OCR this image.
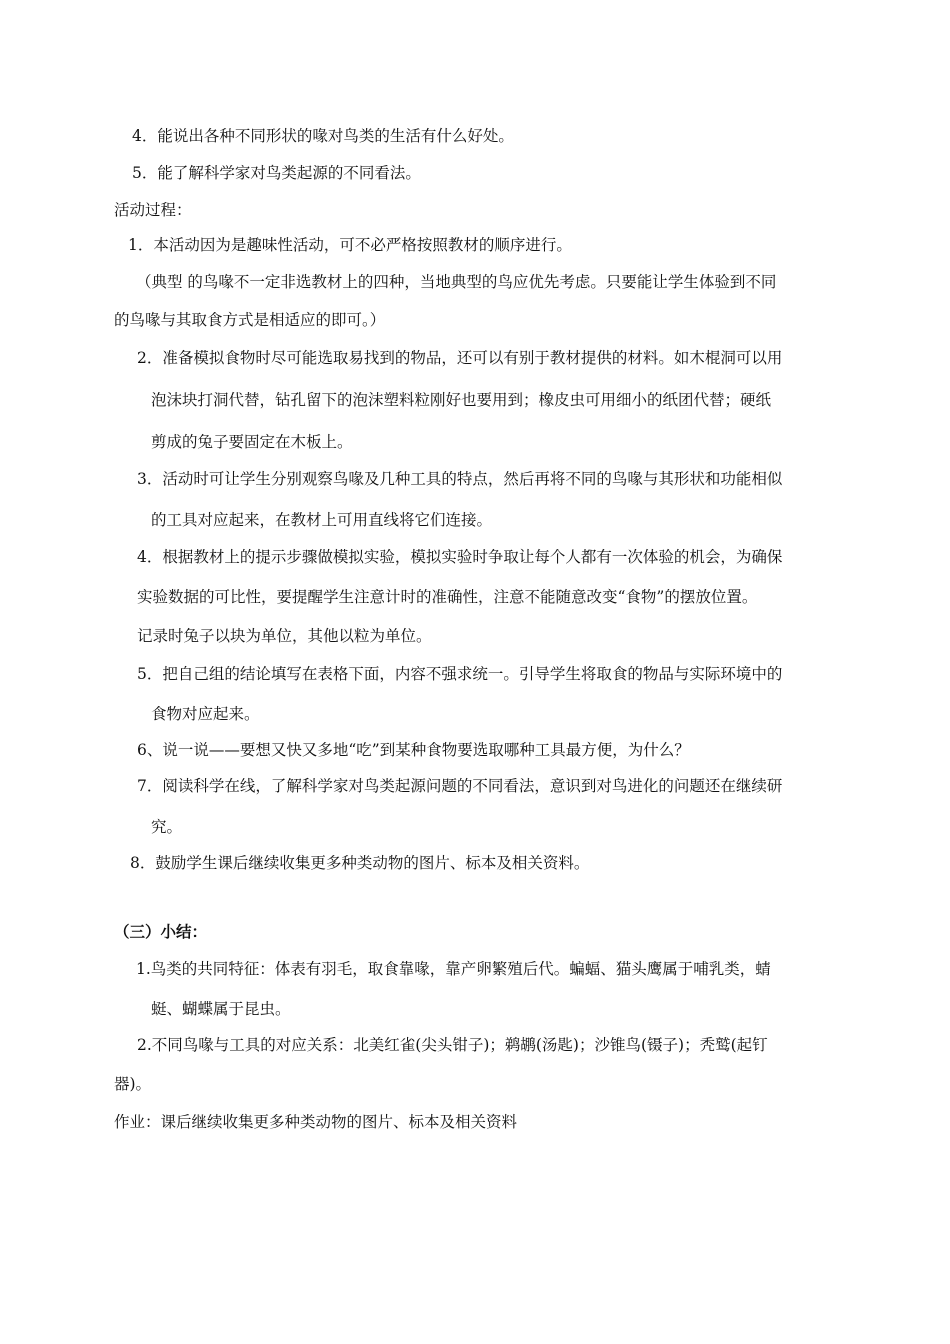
4．能说出各种不同形状的喙对鸟类的生活有什么好处。
5．能了解科学家对鸟类起源的不同看法。
活动过程：
1．本活动因为是趣味性活动，可不必严格按照教材的顺序进行。
（典型 的鸟喙不一定非选教材上的四种，当地典型的鸟应优先考虑。只要能让学生体验到不同
的鸟喙与其取食方式是相适应的即可。）
2．准备模拟食物时尽可能选取易找到的物品，还可以有别于教材提供的材料。如木棍洞可以用
泡沫块打洞代替，钻孔留下的泡沫塑料粒刚好也要用到；橡皮虫可用细小的纸团代替；硬纸
剪成的兔子要固定在木板上。
3．活动时可让学生分别观察鸟喙及几种工具的特点，然后再将不同的鸟喙与其形状和功能相似
的工具对应起来，在教材上可用直线将它们连接。
4．根据教材上的提示步骤做模拟实验，模拟实验时争取让每个人都有一次体验的机会，为确保
实验数据的可比性，要提醒学生注意计时的准确性，注意不能随意改变“食物”的摆放位置。
记录时兔子以块为单位，其他以粒为单位。
5．把自己组的结论填写在表格下面，内容不强求统一。引导学生将取食的物品与实际环境中的
食物对应起来。
6、说一说——要想又快又多地“吃”到某种食物要选取哪种工具最方便，为什么？
7．阅读科学在线，了解科学家对鸟类起源问题的不同看法，意识到对鸟进化的问题还在继续研
究。
8．鼓励学生课后继续收集更多种类动物的图片、标本及相关资料。
（三）小结：
1.鸟类的共同特征：体表有羽毛，取食靠喙，靠产卵繁殖后代。蝙蝠、猫头鹰属于哺乳类，蜻
蜓、蝴蝶属于昆虫。
2.不同鸟喙与工具的对应关系：北美红雀(尖头钳子)；鹈鹕(汤匙)；沙锥鸟(镊子)；秃鹫(起钉
器)。
作业：课后继续收集更多种类动物的图片、标本及相关资料
